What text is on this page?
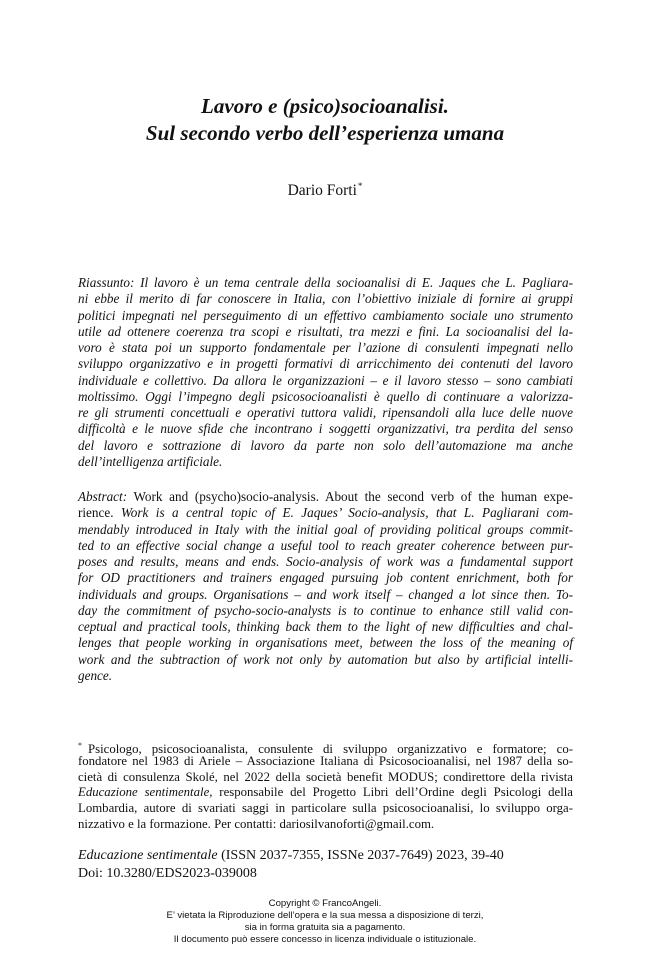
Lavoro e (psico)socioanalisi.
Sul secondo verbo dell’esperienza umana
Dario Forti*
Riassunto: Il lavoro è un tema centrale della socioanalisi di E. Jaques che L. Pagliara-
ni ebbe il merito di far conoscere in Italia, con l’obiettivo iniziale di fornire ai gruppi
politici impegnati nel perseguimento di un effettivo cambiamento sociale uno strumento
utile ad ottenere coerenza tra scopi e risultati, tra mezzi e fini. La socioanalisi del la-
voro è stata poi un supporto fondamentale per l’azione di consulenti impegnati nello
sviluppo organizzativo e in progetti formativi di arricchimento dei contenuti del lavoro
individuale e collettivo. Da allora le organizzazioni – e il lavoro stesso – sono cambiati
moltissimo. Oggi l’impegno degli psicosocioanalisti è quello di continuare a valorizza-
re gli strumenti concettuali e operativi tuttora validi, ripensandoli alla luce delle nuove
difficoltà e le nuove sfide che incontrano i soggetti organizzativi, tra perdita del senso
del lavoro e sottrazione di lavoro da parte non solo dell’automazione ma anche
dell’intelligenza artificiale.
Abstract: Work and (psycho)socio-analysis. About the second verb of the human expe-
rience. Work is a central topic of E. Jaques’ Socio-analysis, that L. Pagliarani com-
mendably introduced in Italy with the initial goal of providing political groups commit-
ted to an effective social change a useful tool to reach greater coherence between pur-
poses and results, means and ends. Socio-analysis of work was a fundamental support
for OD practitioners and trainers engaged pursuing job content enrichment, both for
individuals and groups. Organisations – and work itself – changed a lot since then. To-
day the commitment of psycho-socio-analysts is to continue to enhance still valid con-
ceptual and practical tools, thinking back them to the light of new difficulties and chal-
lenges that people working in organisations meet, between the loss of the meaning of
work and the subtraction of work not only by automation but also by artificial intelli-
gence.
* Psicologo, psicosocioanalista, consulente di sviluppo organizzativo e formatore; co-
fondatore nel 1983 di Ariele – Associazione Italiana di Psicosocioanalisi, nel 1987 della so-
cietà di consulenza Skolé, nel 2022 della società benefit MODUS; condirettore della rivista
Educazione sentimentale, responsabile del Progetto Libri dell’Ordine degli Psicologi della
Lombardia, autore di svariati saggi in particolare sulla psicosocioanalisi, lo sviluppo orga-
nizzativo e la formazione. Per contatti: dariosilvanoforti@gmail.com.
Educazione sentimentale (ISSN 2037-7355, ISSNe 2037-7649) 2023, 39-40
Doi: 10.3280/EDS2023-039008
Copyright © FrancoAngeli.
E’ vietata la Riproduzione dell’opera e la sua messa a disposizione di terzi,
sia in forma gratuita sia a pagamento.
Il documento può essere concesso in licenza individuale o istituzionale.
